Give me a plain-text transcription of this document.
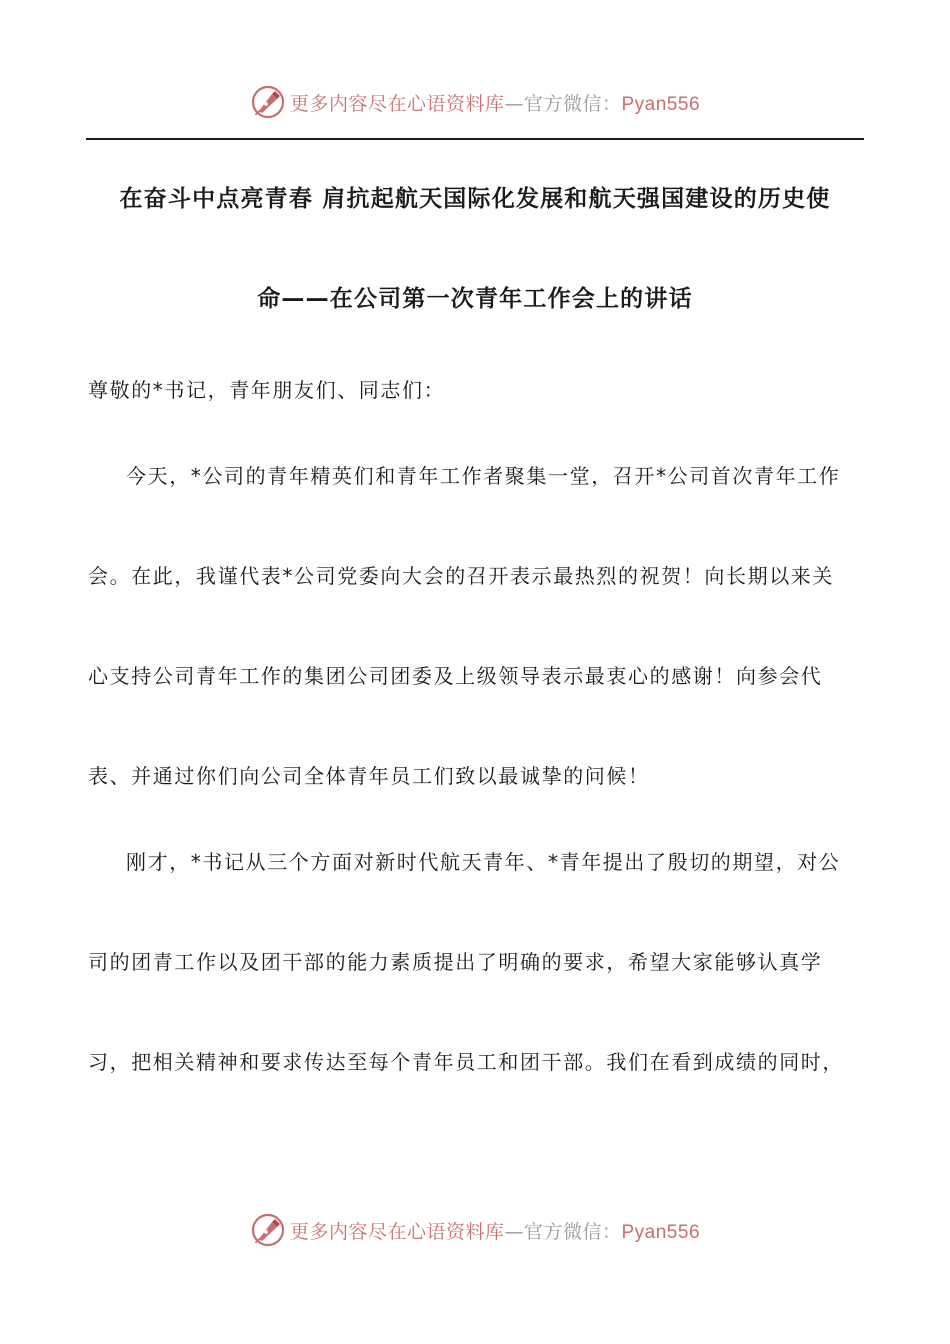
更多内容尽在心语资料库—官方微信：Pyan556
在奋斗中点亮青春 肩抗起航天国际化发展和航天强国建设的历史使
命——在公司第一次青年工作会上的讲话
尊敬的*书记，青年朋友们、同志们：
今天，*公司的青年精英们和青年工作者聚集一堂，召开*公司首次青年工作
会。在此，我谨代表*公司党委向大会的召开表示最热烈的祝贺！向长期以来关
心支持公司青年工作的集团公司团委及上级领导表示最衷心的感谢！向参会代
表、并通过你们向公司全体青年员工们致以最诚挚的问候！
刚才，*书记从三个方面对新时代航天青年、*青年提出了殷切的期望，对公
司的团青工作以及团干部的能力素质提出了明确的要求，希望大家能够认真学
习，把相关精神和要求传达至每个青年员工和团干部。我们在看到成绩的同时，
更多内容尽在心语资料库—官方微信：Pyan556
